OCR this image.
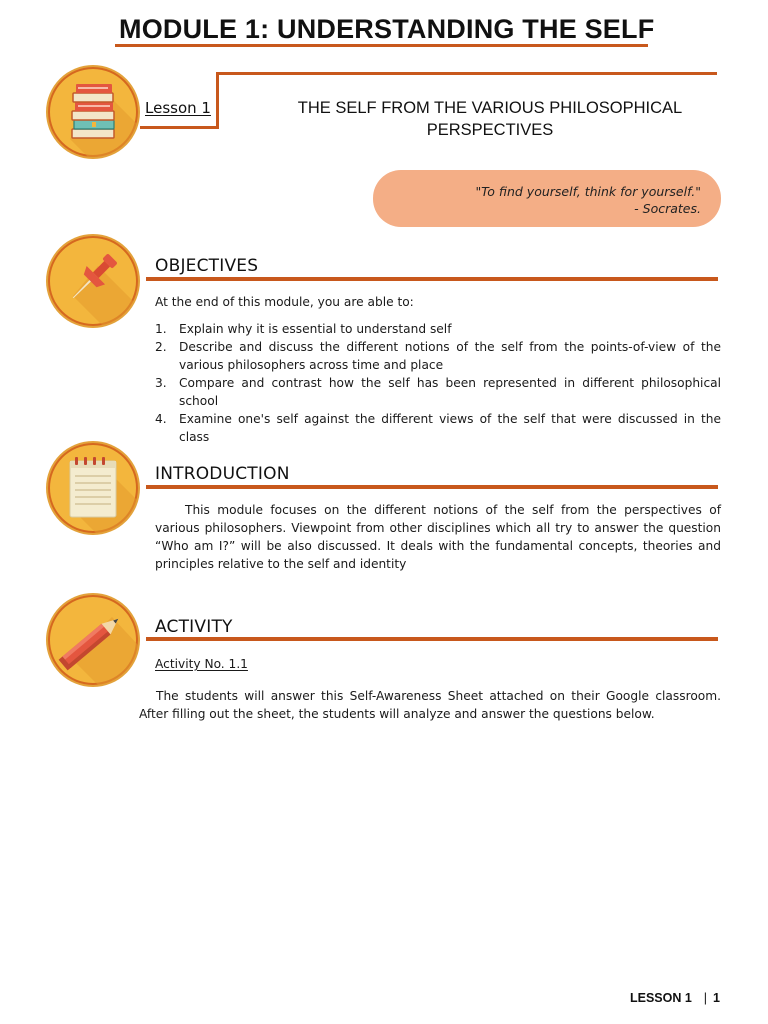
MODULE 1: UNDERSTANDING THE SELF
Lesson 1	THE SELF FROM THE VARIOUS PHILOSOPHICAL
PERSPECTIVES
"To find yourself, think for yourself."
- Socrates.
OBJECTIVES
At the end of this module, you are able to:
1. Explain why it is essential to understand self
2. Describe and discuss the different notions of the self from the points-of-view of the various philosophers across time and place
3. Compare and contrast how the self has been represented in different philosophical school
4. Examine one's self against the different views of the self that were discussed in the class
INTRODUCTION
This module focuses on the different notions of the self from the perspectives of various philosophers. Viewpoint from other disciplines which all try to answer the question “Who am I?” will be also discussed. It deals with the fundamental concepts, theories and principles relative to the self and identity
ACTIVITY
Activity No. 1.1
The students will answer this Self-Awareness Sheet attached on their Google classroom. After filling out the sheet, the students will analyze and answer the questions below.
LESSON 1 | 1
